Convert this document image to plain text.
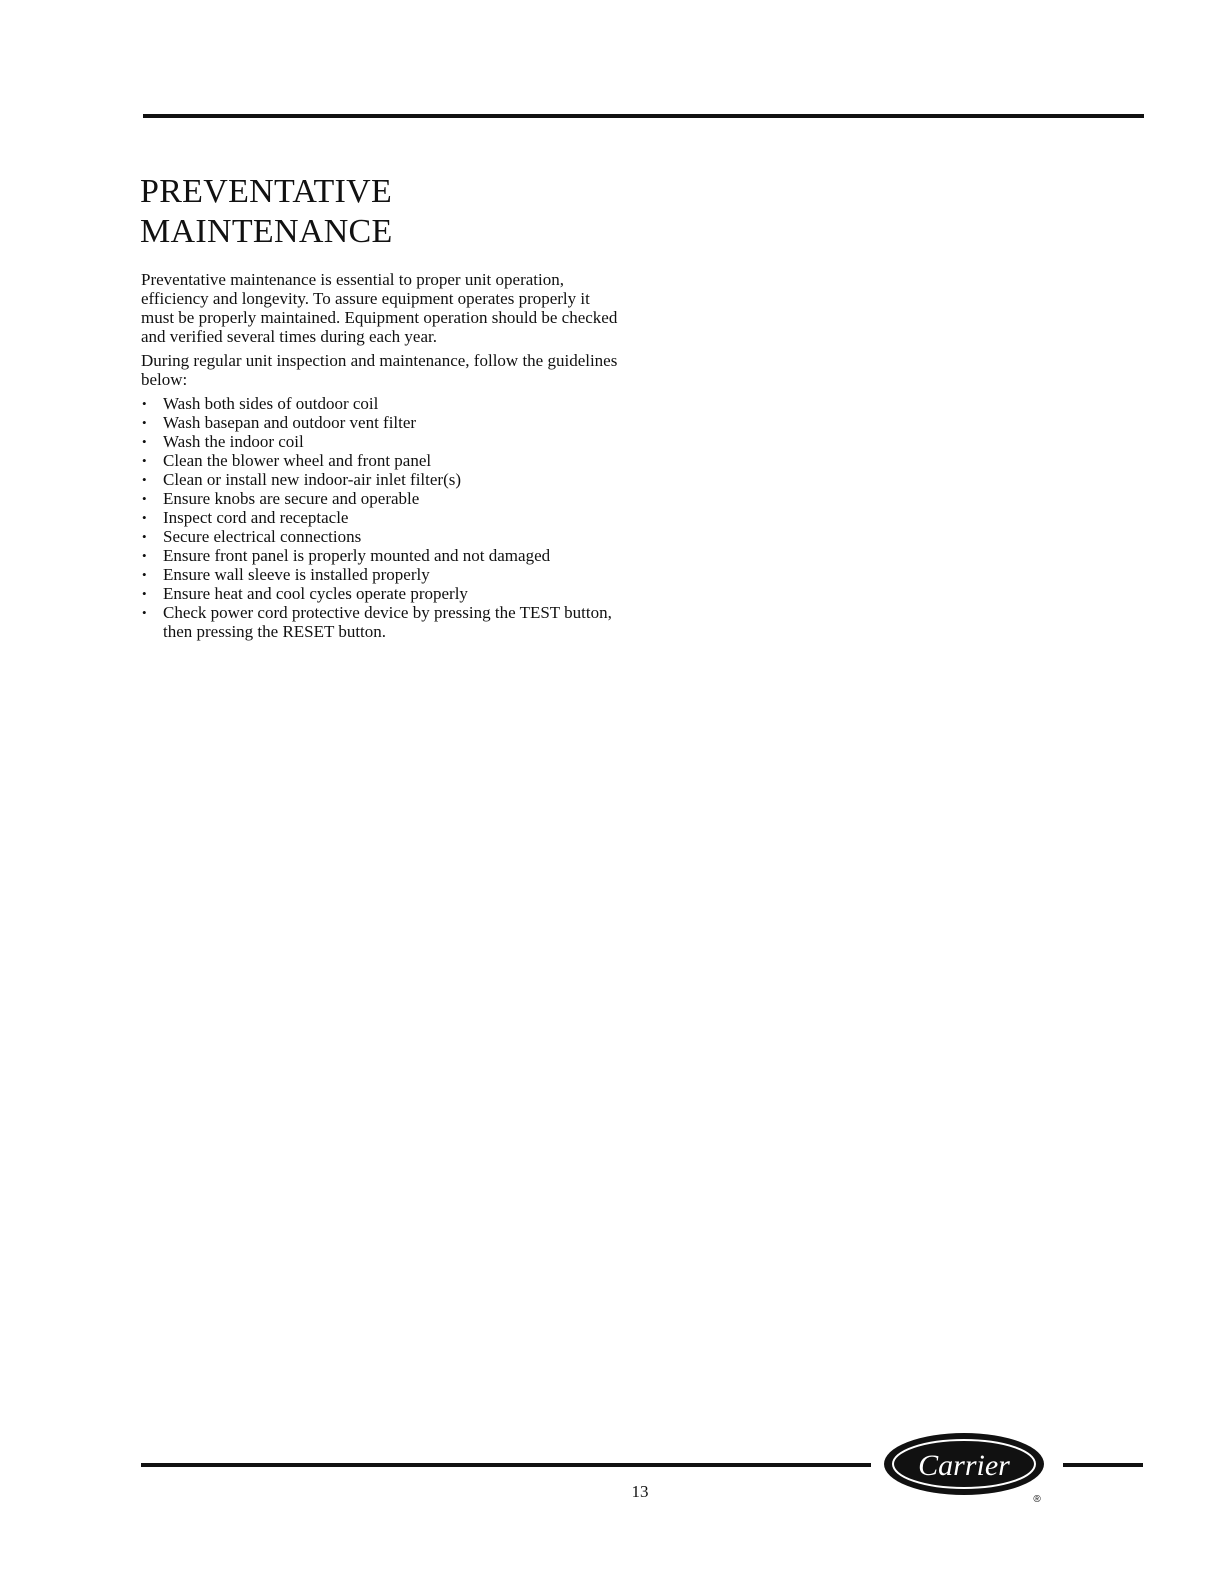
PREVENTATIVE
MAINTENANCE

Preventative maintenance is essential to proper unit operation, efficiency and longevity. To assure equipment operates properly it must be properly maintained. Equipment operation should be checked and verified several times during each year.

During regular unit inspection and maintenance, follow the guidelines below:

• Wash both sides of outdoor coil
• Wash basepan and outdoor vent filter
• Wash the indoor coil
• Clean the blower wheel and front panel
• Clean or install new indoor-air inlet filter(s)
• Ensure knobs are secure and operable
• Inspect cord and receptacle
• Secure electrical connections
• Ensure front panel is properly mounted and not damaged
• Ensure wall sleeve is installed properly
• Ensure heat and cool cycles operate properly
• Check power cord protective device by pressing the TEST button, then pressing the RESET button.
13
Carrier
®
